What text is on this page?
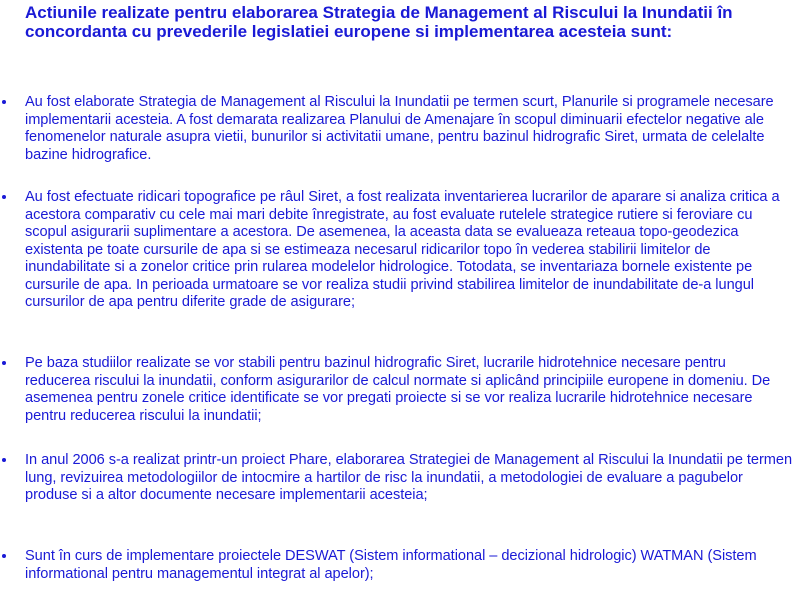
Actiunile realizate pentru elaborarea Strategia de Management al Riscului la Inundatii în concordanta cu prevederile legislatiei europene si implementarea acesteia sunt:

Au fost elaborate Strategia de Management al Riscului la Inundatii pe termen scurt, Planurile si programele necesare implementarii acesteia. A fost demarata realizarea Planului de Amenajare în scopul diminuarii efectelor negative ale fenomenelor naturale asupra vietii, bunurilor si activitatii umane, pentru bazinul hidrografic Siret, urmata de celelalte bazine hidrografice.

Au fost efectuate ridicari topografice pe râul Siret, a fost realizata inventarierea lucrarilor de aparare si analiza critica a acestora comparativ cu cele mai mari debite înregistrate, au fost evaluate rutelele strategice rutiere si feroviare cu scopul asigurarii suplimentare a acestora. De asemenea, la aceasta data se evalueaza reteaua topo-geodezica existenta pe toate cursurile de apa si se estimeaza necesarul ridicarilor topo în vederea stabilirii limitelor de inundabilitate si a zonelor critice prin rularea modelelor hidrologice. Totodata, se inventariaza bornele existente pe cursurile de apa. In perioada urmatoare se vor realiza studii privind stabilirea limitelor de inundabilitate de-a lungul cursurilor de apa pentru diferite grade de asigurare;

Pe baza studiilor realizate se vor stabili pentru bazinul hidrografic Siret, lucrarile hidrotehnice necesare pentru reducerea riscului la inundatii, conform asigurarilor de calcul normate si aplicând principiile europene in domeniu. De asemenea pentru zonele critice identificate se vor pregati proiecte si se vor realiza lucrarile hidrotehnice necesare pentru reducerea riscului la inundatii;

In anul 2006 s-a realizat printr-un proiect Phare, elaborarea Strategiei de Management al Riscului la Inundatii pe termen lung, revizuirea metodologiilor de intocmire a hartilor de risc la inundatii, a metodologiei de evaluare a pagubelor produse si a altor documente necesare implementarii acesteia;

Sunt în curs de implementare proiectele DESWAT (Sistem informational – decizional hidrologic) WATMAN (Sistem informational pentru managementul integrat al apelor);
